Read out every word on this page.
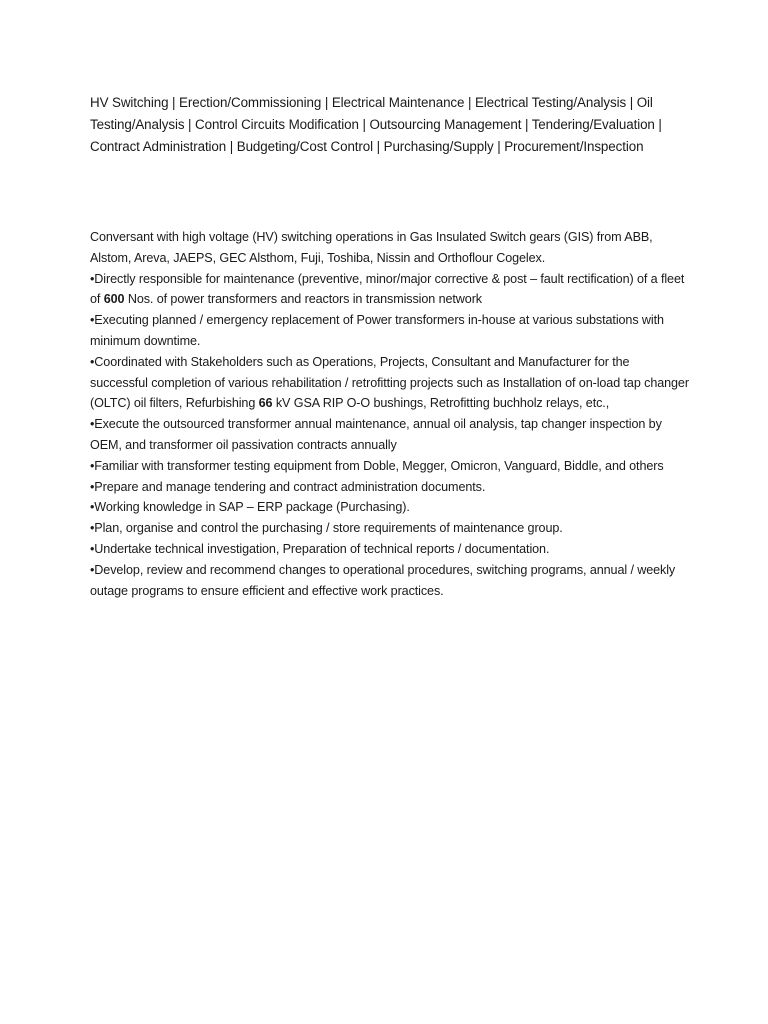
HV Switching | Erection/Commissioning | Electrical Maintenance | Electrical Testing/Analysis | Oil Testing/Analysis | Control Circuits Modification | Outsourcing Management | Tendering/Evaluation | Contract Administration | Budgeting/Cost Control | Purchasing/Supply | Procurement/Inspection

Conversant with high voltage (HV) switching operations in Gas Insulated Switch gears (GIS) from ABB, Alstom, Areva, JAEPS, GEC Alsthom, Fuji, Toshiba, Nissin and Orthoflour Cogelex.

•Directly responsible for maintenance (preventive, minor/major corrective & post – fault rectification) of a fleet of 600 Nos. of power transformers and reactors in transmission network

•Executing planned / emergency replacement of Power transformers in-house at various substations with minimum downtime.

•Coordinated with Stakeholders such as Operations, Projects, Consultant and Manufacturer for the successful completion of various rehabilitation / retrofitting projects such as Installation of on-load tap changer (OLTC) oil filters, Refurbishing 66 kV GSA RIP O-O bushings, Retrofitting buchholz relays, etc.,

•Execute the outsourced transformer annual maintenance, annual oil analysis, tap changer inspection by OEM, and transformer oil passivation contracts annually

•Familiar with transformer testing equipment from Doble, Megger, Omicron, Vanguard, Biddle, and others

•Prepare and manage tendering and contract administration documents.

•Working knowledge in SAP – ERP package (Purchasing).

•Plan, organise and control the purchasing / store requirements of maintenance group.

•Undertake technical investigation, Preparation of technical reports / documentation.

•Develop, review and recommend changes to operational procedures, switching programs, annual / weekly outage programs to ensure efficient and effective work practices.
